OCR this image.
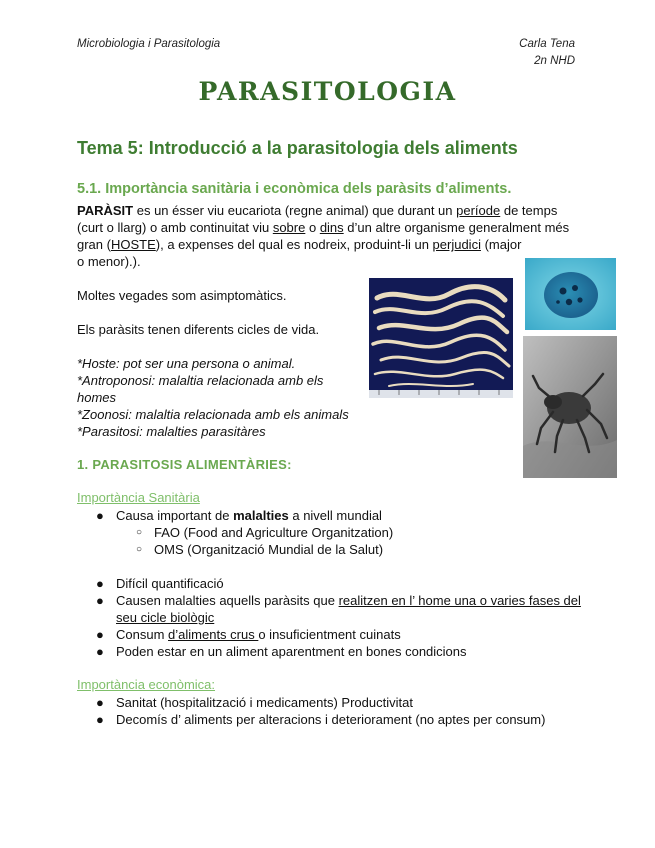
Microbiologia i Parasitologia	Carla Tena
2n NHD
PARASITOLOGIA
Tema 5: Introducció a la parasitologia dels aliments
5.1. Importància sanitària i econòmica dels paràsits d’aliments.
PARÀSIT es un ésser viu eucariota (regne animal) que durant un període de temps
(curt o llarg) o amb continuitat viu sobre o dins d’un altre organisme generalment més
gran (HOSTE), a expenses del qual es nodreix, produint-li un perjudici (major
o menor).).
Moltes vegades som asimptomàtics.
Els paràsits tenen diferents cicles de vida.
*Hoste: pot ser una persona o animal.
*Antroponosi: malaltia relacionada amb els
homes
*Zoonosi: malaltia relacionada amb els animals
*Parasitosi: malalties parasitàres
1. PARASITOSIS ALIMENTÀRIES:
Importància Sanitària
● Causa important de malalties a nivell mundial
○ FAO (Food and Agriculture Organitzation)
○ OMS (Organització Mundial de la Salut)
● Difícil quantificació
● Causen malalties aquells paràsits que realitzen en l’ home una o varies fases del
seu cicle biològic
● Consum d’aliments crus o insuficientment cuinats
● Poden estar en un aliment aparentment en bones condicions
Importància econòmica:
● Sanitat (hospitalització i medicaments) Productivitat
● Decomís d’ aliments per alteracions i deteriorament (no aptes per consum)
